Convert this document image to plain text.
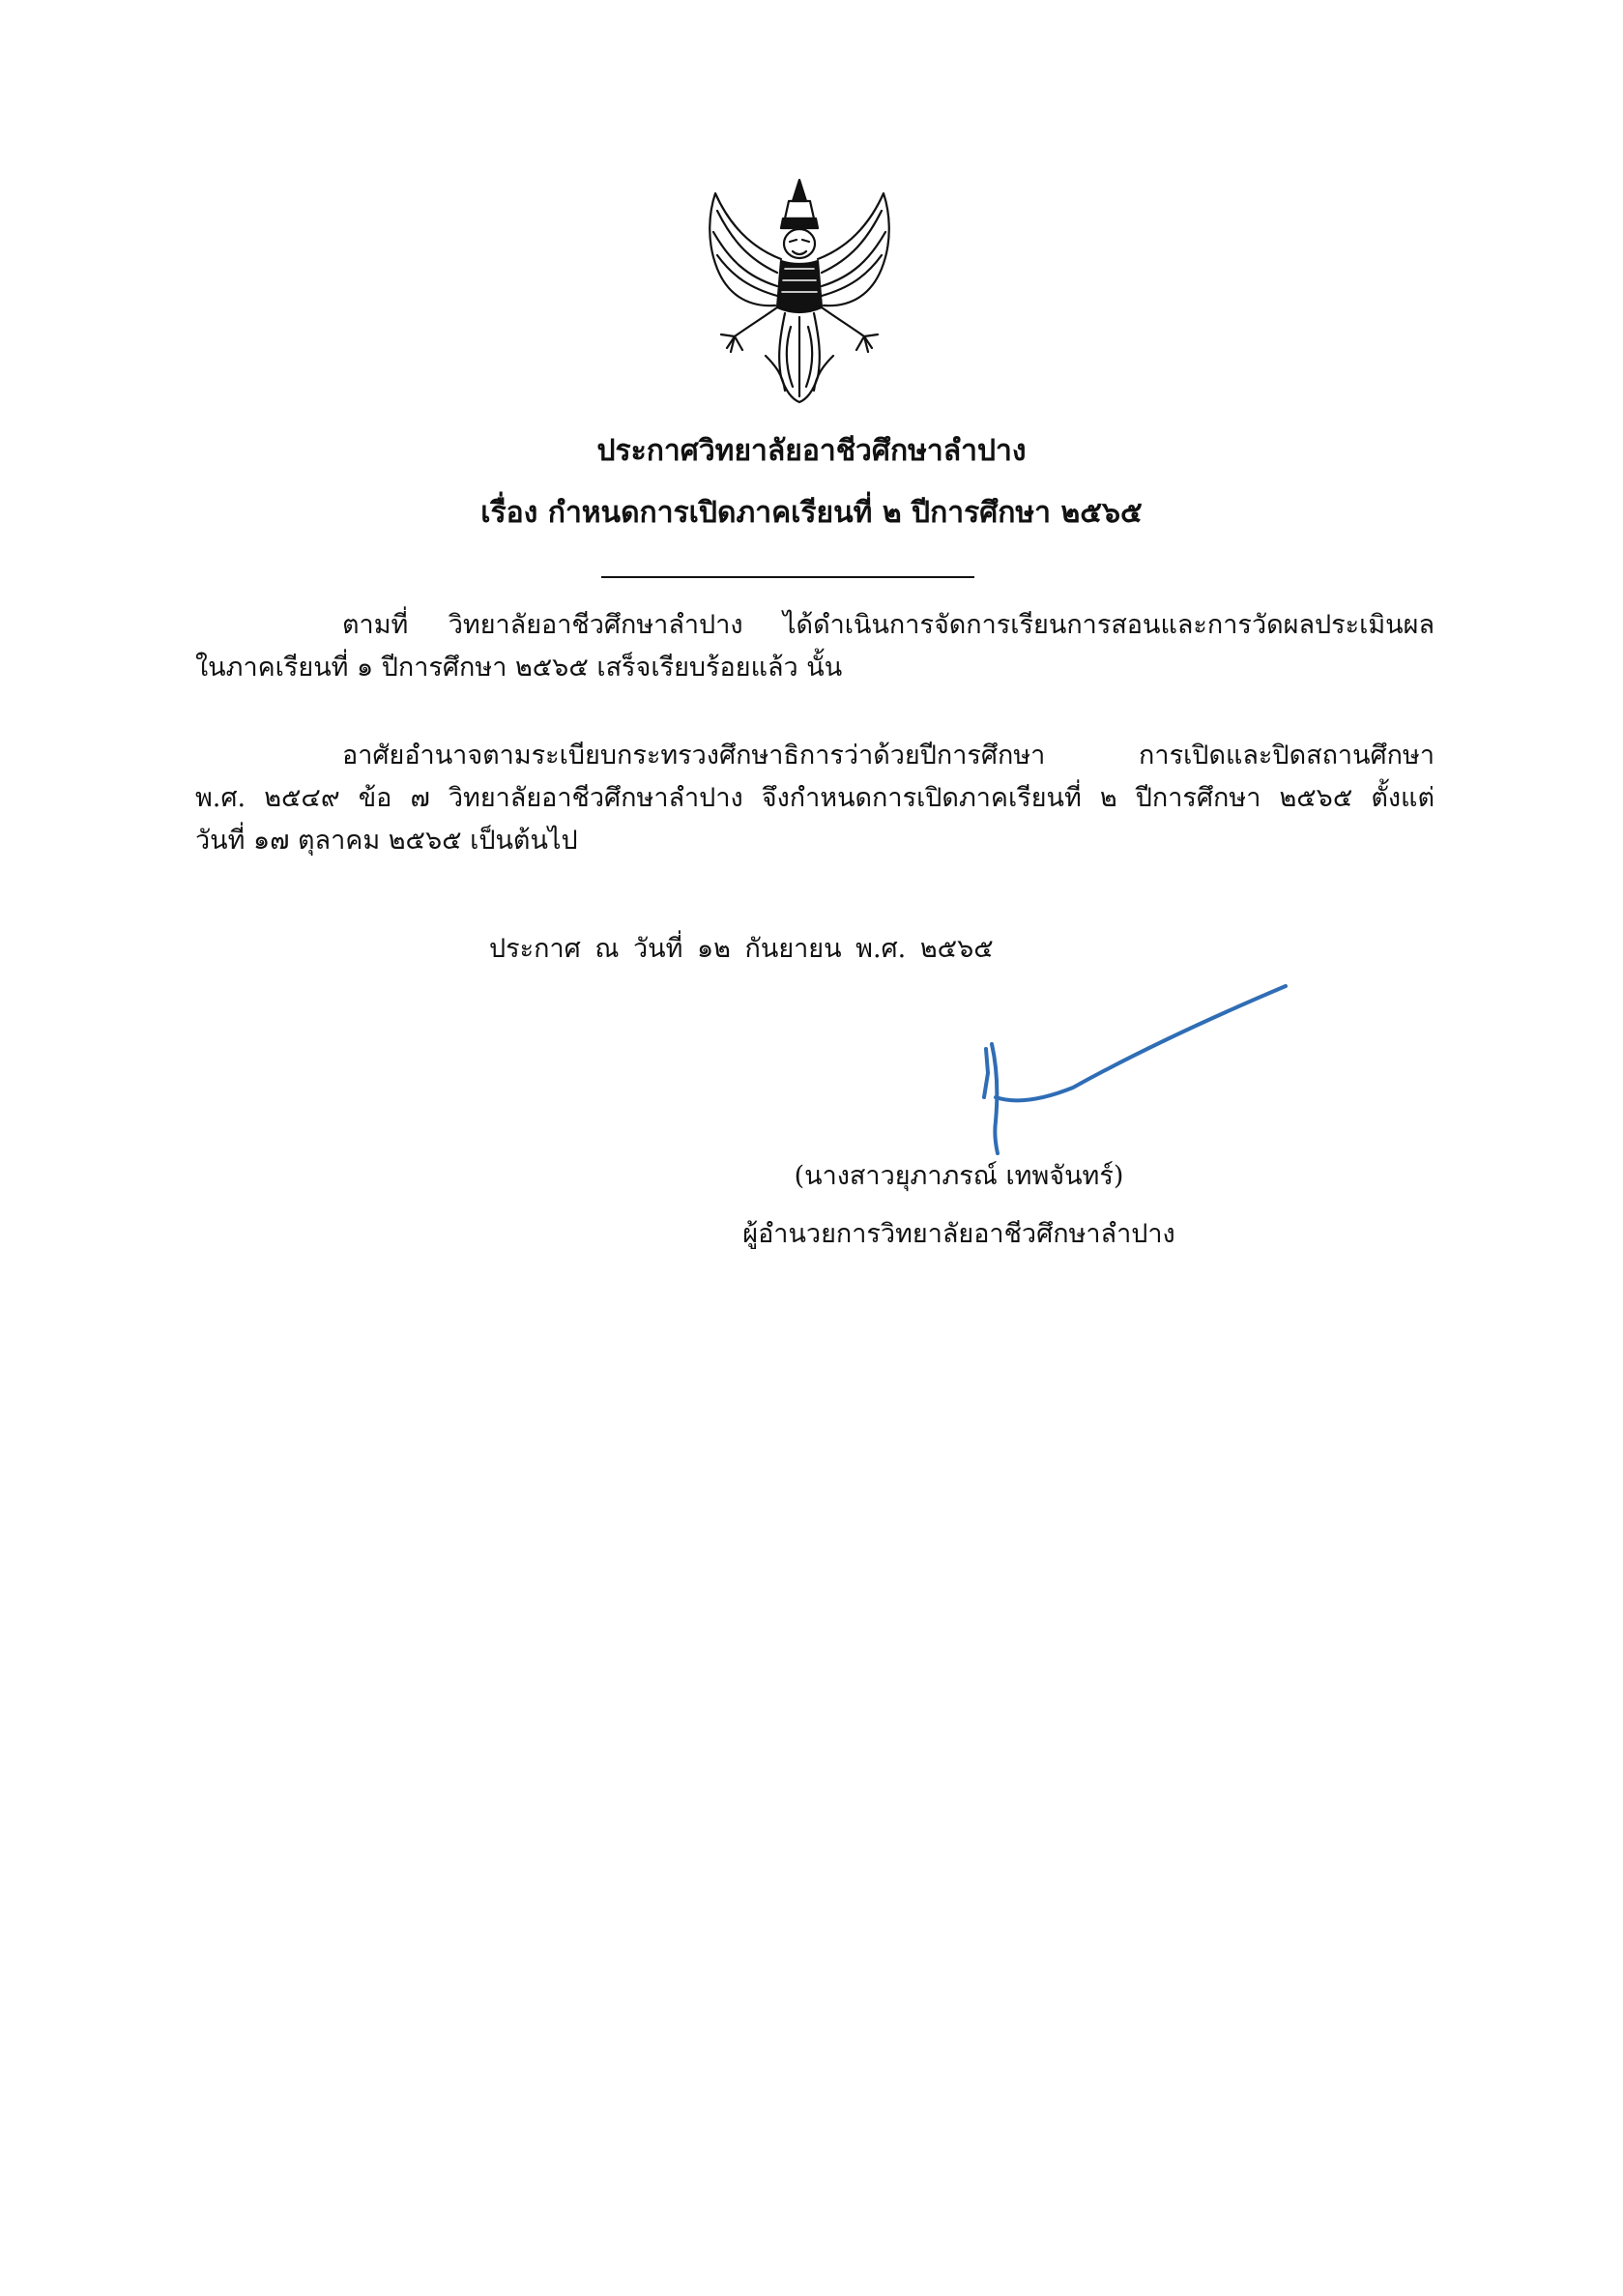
ประกาศวิทยาลัยอาชีวศึกษาลำปาง
เรื่อง กำหนดการเปิดภาคเรียนที่ ๒ ปีการศึกษา ๒๕๖๕
ตามที่ วิทยาลัยอาชีวศึกษาลำปาง ได้ดำเนินการจัดการเรียนการสอนและการวัดผลประเมินผล
ในภาคเรียนที่ ๑ ปีการศึกษา ๒๕๖๕ เสร็จเรียบร้อยแล้ว นั้น
อาศัยอำนาจตามระเบียบกระทรวงศึกษาธิการว่าด้วยปีการศึกษา การเปิดและปิดสถานศึกษา
พ.ศ. ๒๕๔๙ ข้อ ๗ วิทยาลัยอาชีวศึกษาลำปาง จึงกำหนดการเปิดภาคเรียนที่ ๒ ปีการศึกษา ๒๕๖๕ ตั้งแต่
วันที่ ๑๗ ตุลาคม ๒๕๖๕ เป็นต้นไป
ประกาศ ณ วันที่ ๑๒ กันยายน พ.ศ. ๒๕๖๕
(นางสาวยุภาภรณ์ เทพจันทร์)
ผู้อำนวยการวิทยาลัยอาชีวศึกษาลำปาง
